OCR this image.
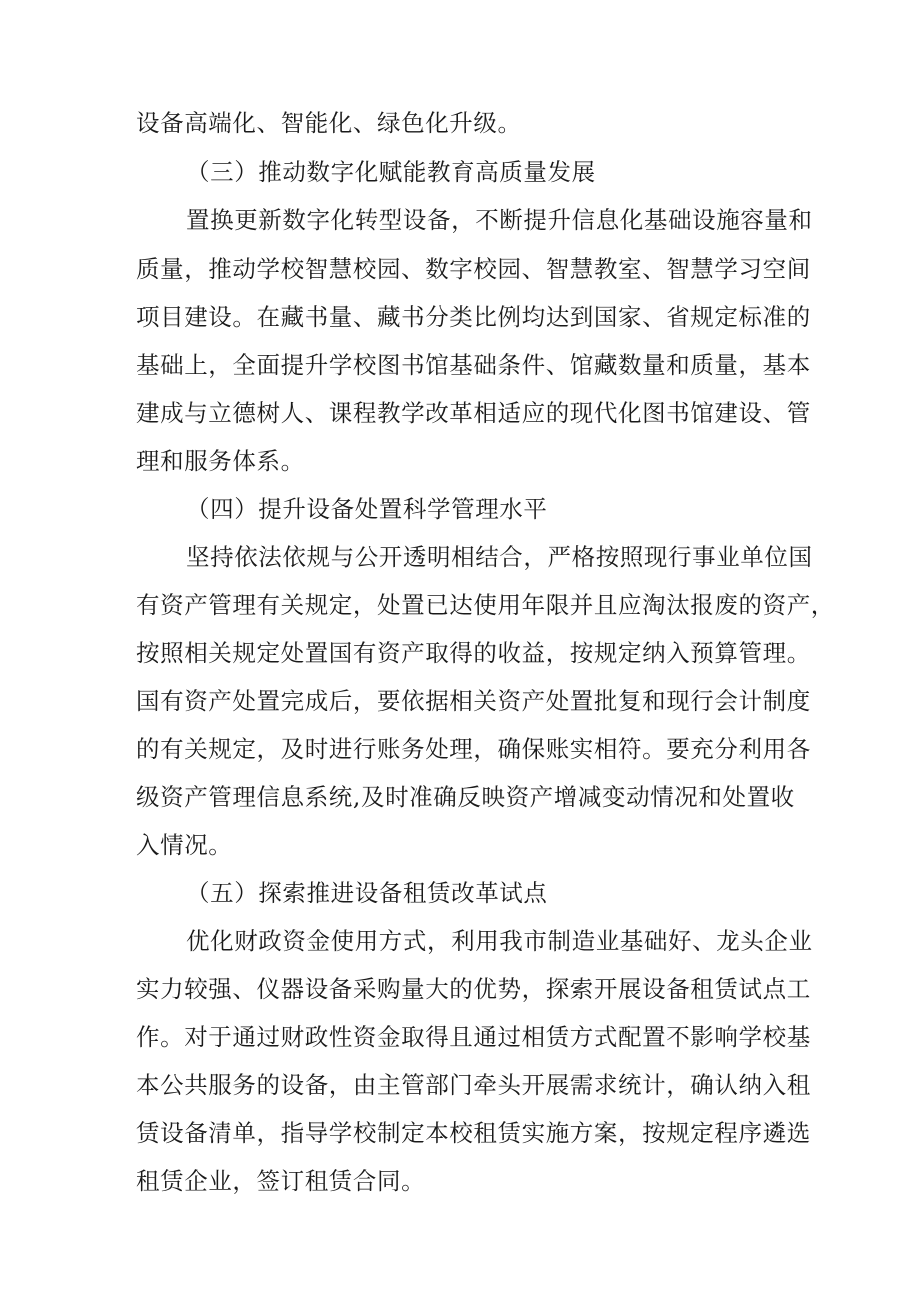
设备高端化、智能化、绿色化升级。
（三）推动数字化赋能教育高质量发展
置换更新数字化转型设备，不断提升信息化基础设施容量和
质量，推动学校智慧校园、数字校园、智慧教室、智慧学习空间
项目建设。在藏书量、藏书分类比例均达到国家、省规定标准的
基础上，全面提升学校图书馆基础条件、馆藏数量和质量，基本
建成与立德树人、课程教学改革相适应的现代化图书馆建设、管
理和服务体系。
（四）提升设备处置科学管理水平
坚持依法依规与公开透明相结合，严格按照现行事业单位国
有资产管理有关规定，处置已达使用年限并且应淘汰报废的资产，
按照相关规定处置国有资产取得的收益，按规定纳入预算管理。
国有资产处置完成后，要依据相关资产处置批复和现行会计制度
的有关规定，及时进行账务处理，确保账实相符。要充分利用各
级资产管理信息系统,及时准确反映资产增减变动情况和处置收
入情况。
（五）探索推进设备租赁改革试点
优化财政资金使用方式，利用我市制造业基础好、龙头企业
实力较强、仪器设备采购量大的优势，探索开展设备租赁试点工
作。对于通过财政性资金取得且通过相赁方式配置不影响学校基
本公共服务的设备，由主管部门牵头开展需求统计，确认纳入租
赁设备清单，指导学校制定本校租赁实施方案，按规定程序遴选
租赁企业，签订租赁合同。
